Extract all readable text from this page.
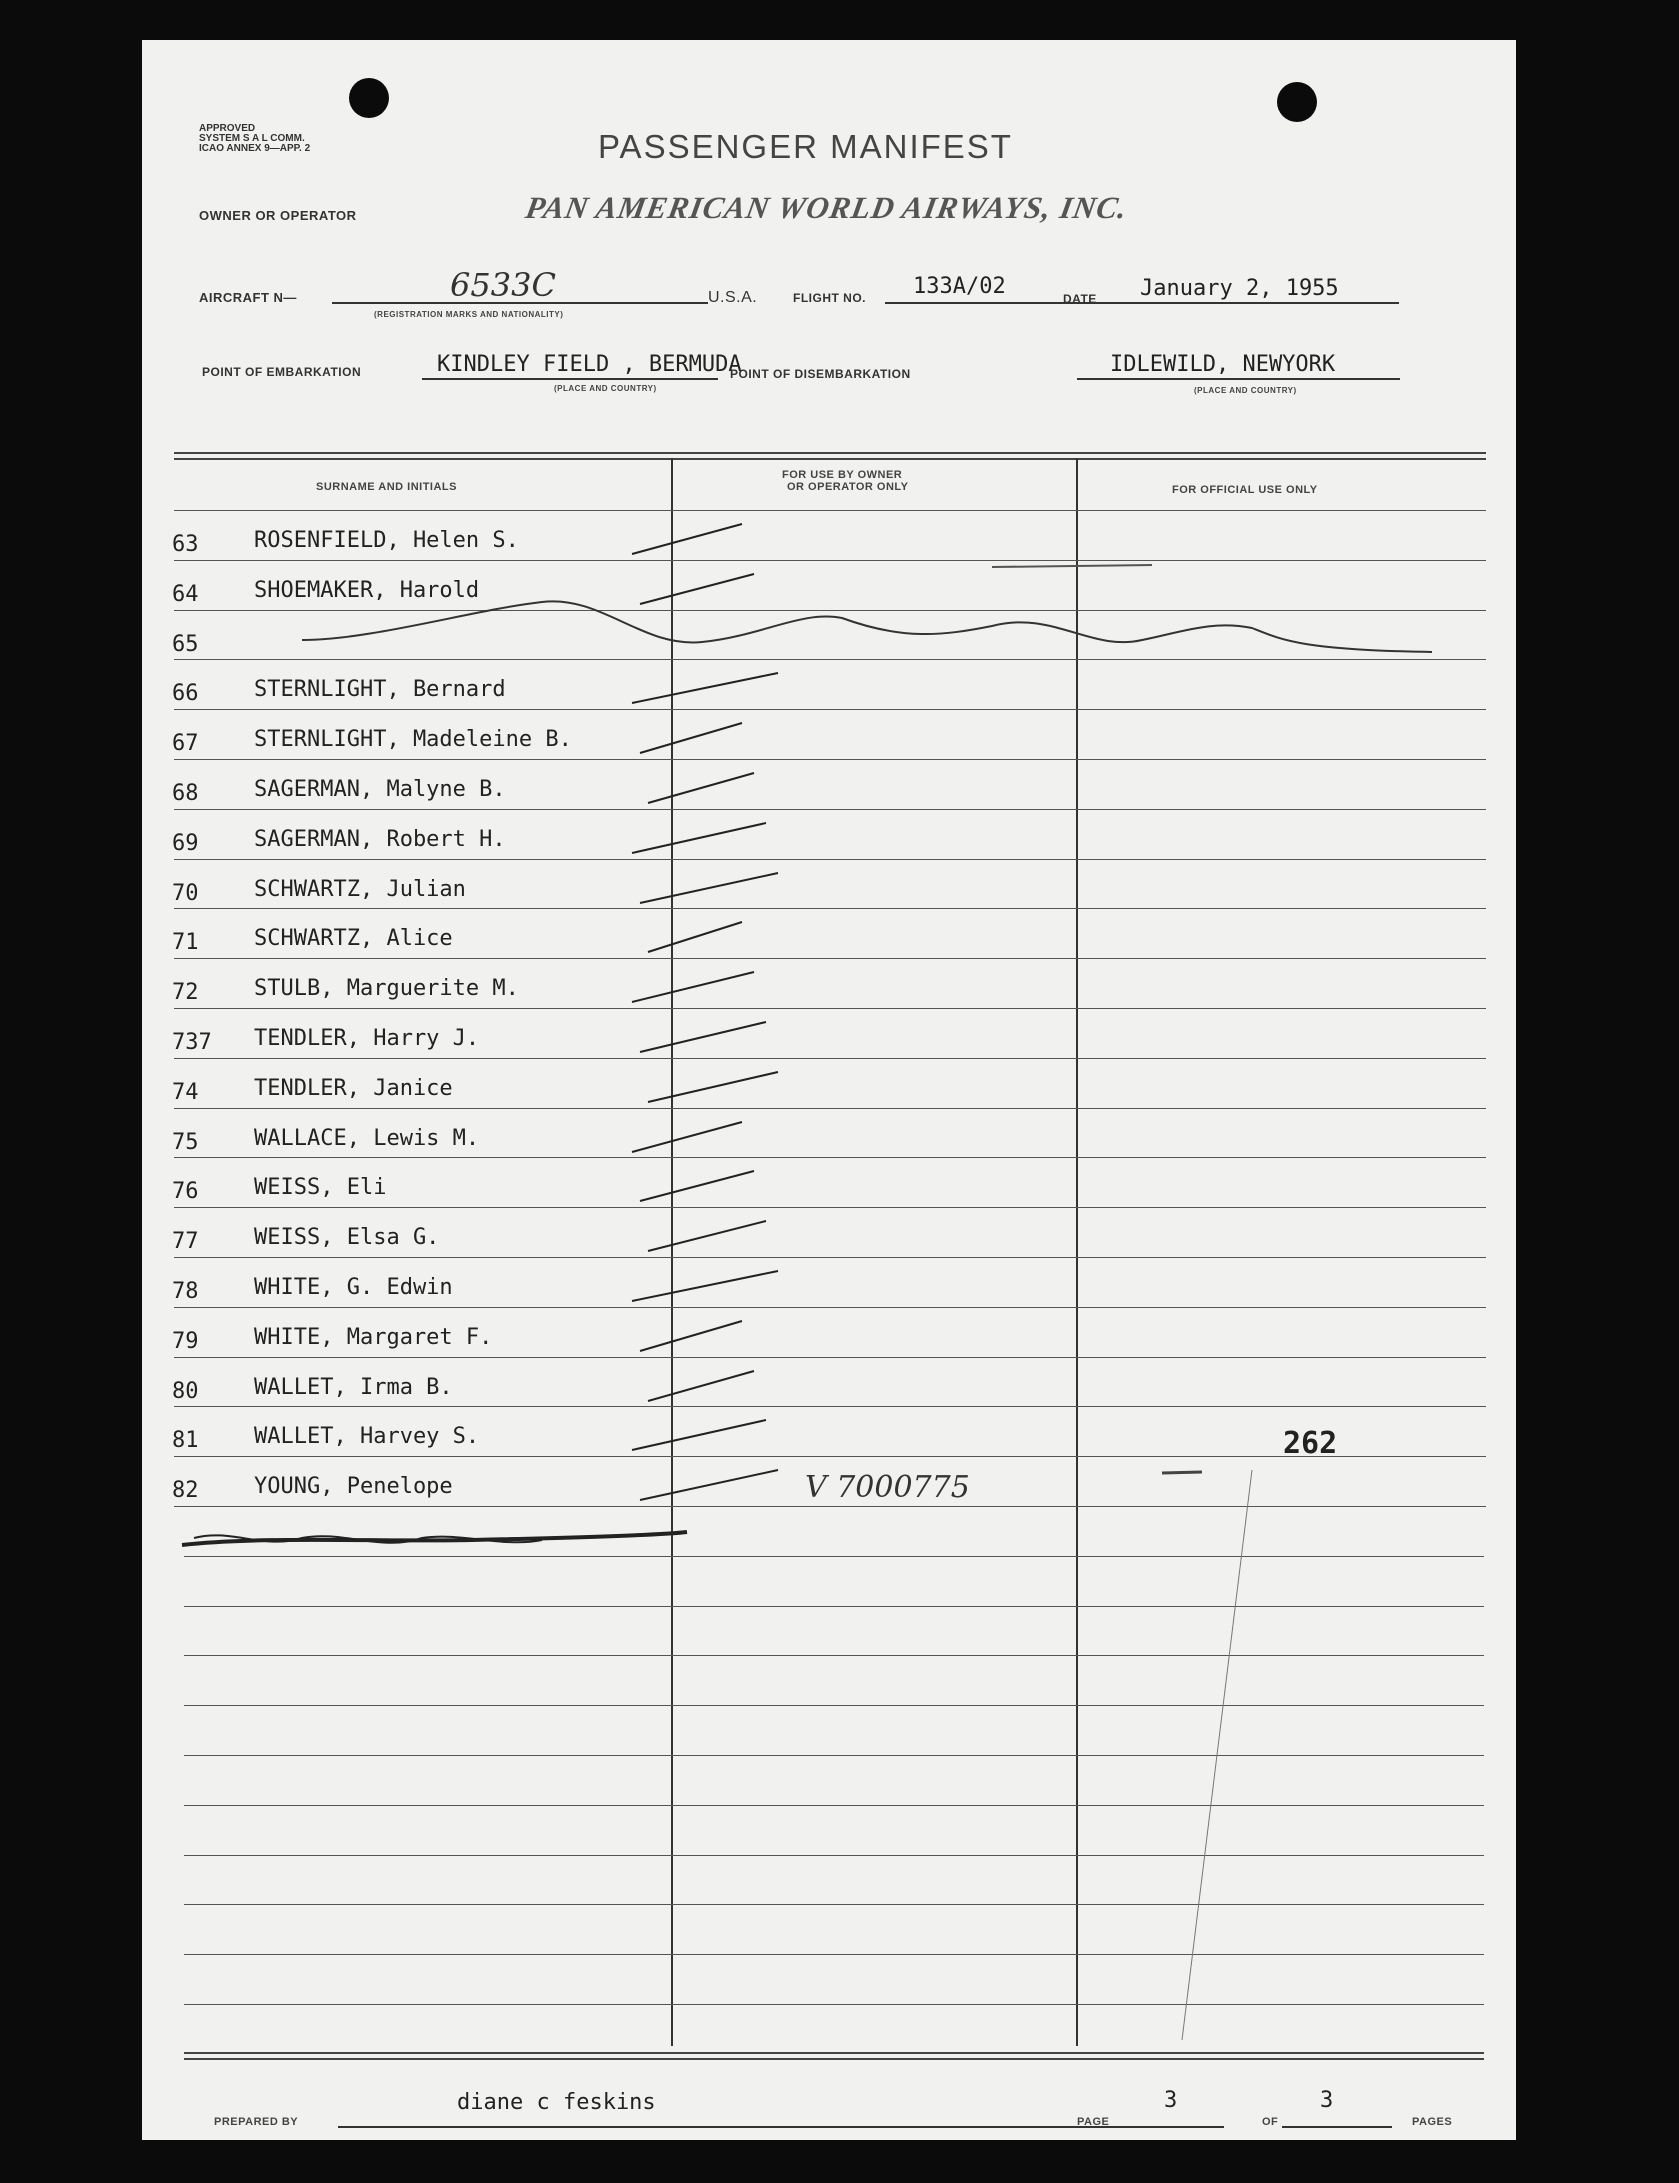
APPROVED
SYSTEM S A L COMM.
ICAO ANNEX 9—APP. 2	PASSENGER MANIFEST
OWNER OR OPERATOR	PAN AMERICAN WORLD AIRWAYS, INC.
AIRCRAFT N—	6533C
(REGISTRATION MARKS AND NATIONALITY)
U.S.A.	FLIGHT NO. 133A/02	DATE January 2, 1955
POINT OF EMBARKATION	KINDLEY FIELD , BERMUDA
(PLACE AND COUNTRY)
POINT OF DISEMBARKATION	IDLEWILD, NEWYORK
(PLACE AND COUNTRY)
SURNAME AND INITIALS
FOR USE BY OWNER
OR OPERATOR ONLY	FOR OFFICIAL USE ONLY
63	ROSENFIELD, Helen S.
64	SHOEMAKER, Harold
65
66	STERNLIGHT, Bernard
67	STERNLIGHT, Madeleine B.
68	SAGERMAN, Malyne B.
69	SAGERMAN, Robert H.
70	SCHWARTZ, Julian
71	SCHWARTZ, Alice
72	STULB, Marguerite M.
737 TENDLER, Harry J.
74	TENDLER, Janice
75	WALLACE, Lewis M.
76	WEISS, Eli
77	WEISS, Elsa G.
78	WHITE, G. Edwin
79	WHITE, Margaret F.
80	WALLET, Irma B.
81	WALLET, Harvey S.
82	YOUNG, Penelope	V 7000775
262
PREPARED BY
diane c feskins
PAGE
3
OF
3
PAGES
